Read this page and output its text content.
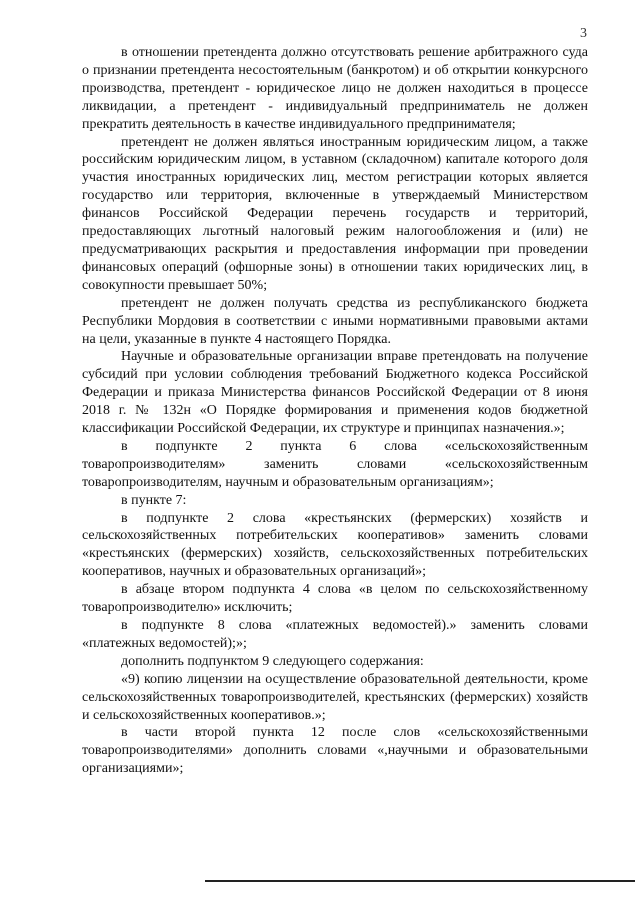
3

в отношении претендента должно отсутствовать решение арбитражного суда о признании претендента несостоятельным (банкротом) и об открытии конкурсного производства, претендент - юридическое лицо не должен находиться в процессе ликвидации, а претендент - индивидуальный предприниматель не должен прекратить деятельность в качестве индивидуального предпринимателя;

претендент не должен являться иностранным юридическим лицом, а также российским юридическим лицом, в уставном (складочном) капитале которого доля участия иностранных юридических лиц, местом регистрации которых является государство или территория, включенные в утверждаемый Министерством финансов Российской Федерации перечень государств и территорий, предоставляющих льготный налоговый режим налогообложения и (или) не предусматривающих раскрытия и предоставления информации при проведении финансовых операций (офшорные зоны) в отношении таких юридических лиц, в совокупности превышает 50%;

претендент не должен получать средства из республиканского бюджета Республики Мордовия в соответствии с иными нормативными правовыми актами на цели, указанные в пункте 4 настоящего Порядка.

Научные и образовательные организации вправе претендовать на получение субсидий при условии соблюдения требований Бюджетного кодекса Российской Федерации и приказа Министерства финансов Российской Федерации от 8 июня 2018 г. № 132н «О Порядке формирования и применения кодов бюджетной классификации Российской Федерации, их структуре и принципах назначения.»;

в подпункте 2 пункта 6 слова «сельскохозяйственным товаропроизводителям» заменить словами «сельскохозяйственным товаропроизводителям, научным и образовательным организациям»;

в пункте 7:

в подпункте 2 слова «крестьянских (фермерских) хозяйств и сельскохозяйственных потребительских кооперативов» заменить словами «крестьянских (фермерских) хозяйств, сельскохозяйственных потребительских кооперативов, научных и образовательных организаций»;

в абзаце втором подпункта 4 слова «в целом по сельскохозяйственному товаропроизводителю» исключить;

в подпункте 8 слова «платежных ведомостей).» заменить словами «платежных ведомостей);»;

дополнить подпунктом 9 следующего содержания:

«9) копию лицензии на осуществление образовательной деятельности, кроме сельскохозяйственных товаропроизводителей, крестьянских (фермерских) хозяйств и сельскохозяйственных кооперативов.»;

в части второй пункта 12 после слов «сельскохозяйственными товаропроизводителями» дополнить словами «,научными и образовательными организациями»;
